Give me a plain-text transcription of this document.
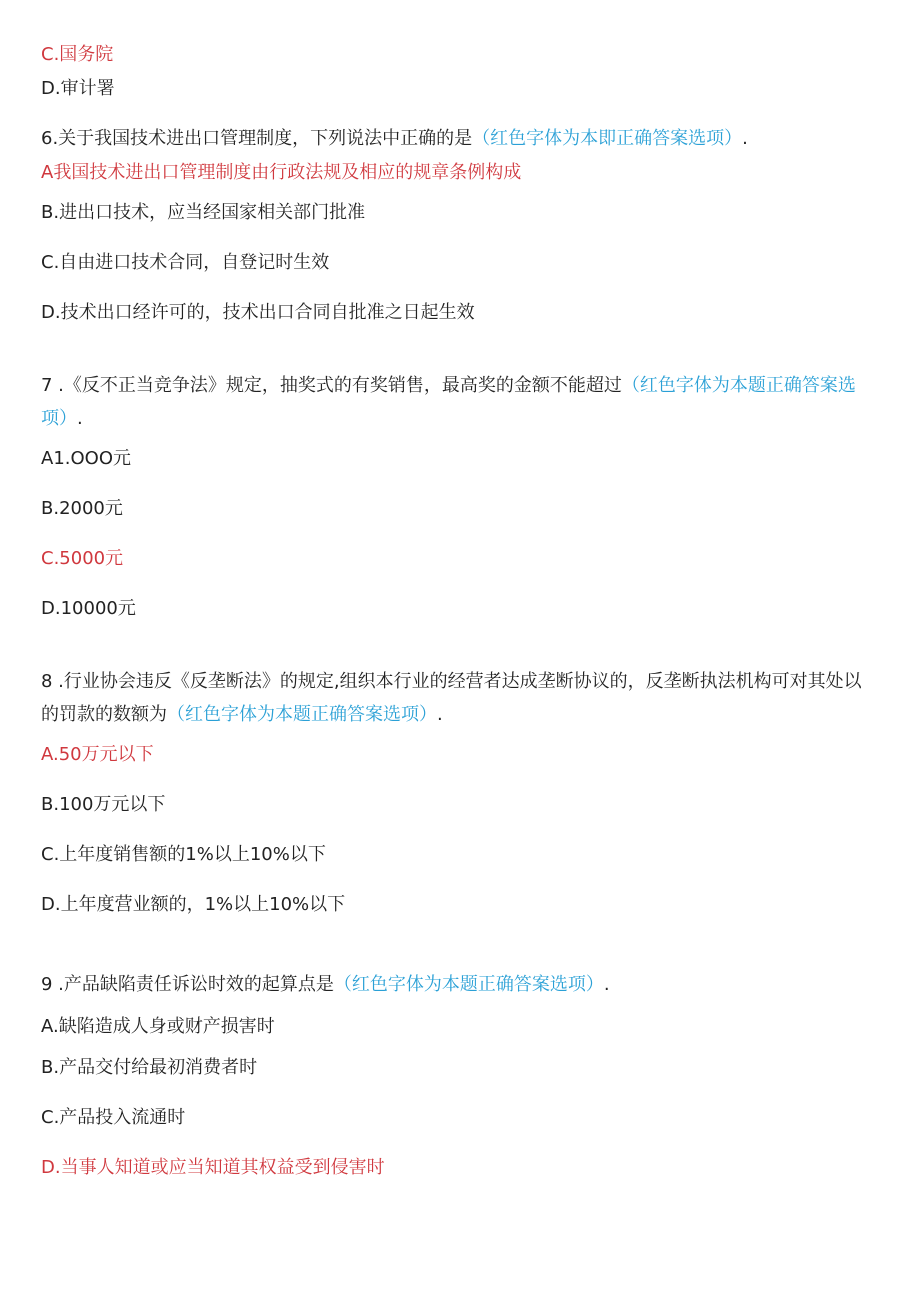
C.国务院
D.审计署
6.关于我国技术进出口管理制度，下列说法中正确的是（红色字体为本即正确答案选项）.
A我国技术进出口管理制度由行政法规及相应的规章条例构成
B.进出口技术，应当经国家相关部门批准
C.自由进口技术合同，自登记时生效
D.技术出口经许可的，技术出口合同自批准之日起生效
7 .《反不正当竞争法》规定，抽奖式的有奖销售，最高奖的金额不能超过（红色字体为本题正确答案选项）.
A1.OOO元
B.2000元
C.5000元
D.10000元
8 .行业协会违反《反垄断法》的规定,组织本行业的经营者达成垄断协议的，反垄断执法机构可对其处以的罚款的数额为（红色字体为本题正确答案选项）.
A.50万元以下
B.100万元以下
C.上年度销售额的1%以上10%以下
D.上年度营业额的，1%以上10%以下
9 .产品缺陷责任诉讼时效的起算点是（红色字体为本题正确答案选项）.
A.缺陷造成人身或财产损害时
B.产品交付给最初消费者时
C.产品投入流通时
D.当事人知道或应当知道其权益受到侵害时
